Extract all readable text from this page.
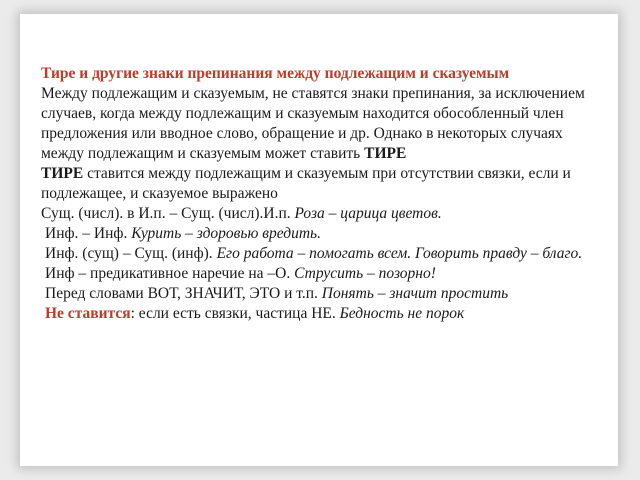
Тире и другие знаки препинания между подлежащим и сказуемым

Между подлежащим и сказуемым, не ставятся знаки препинания, за исключением случаев, когда между подлежащим и сказуемым находится обособленный член предложения или вводное слово, обращение и др. Однако в некоторых случаях между подлежащим и сказуемым может ставить ТИРЕ

ТИРЕ ставится между подлежащим и сказуемым при отсутствии связки, если и подлежащее, и сказуемое выражено

Сущ. (числ). в И.п. – Сущ. (числ).И.п. Роза – царица цветов.

Инф. – Инф. Курить – здоровью вредить.

Инф. (сущ) – Сущ. (инф). Его работа – помогать всем. Говорить правду – благо.

Инф – предикативное наречие на –О. Струсить – позорно!

Перед словами ВОТ, ЗНАЧИТ, ЭТО и т.п. Понять – значит простить

Не ставится: если есть связки, частица НЕ. Бедность не порок
